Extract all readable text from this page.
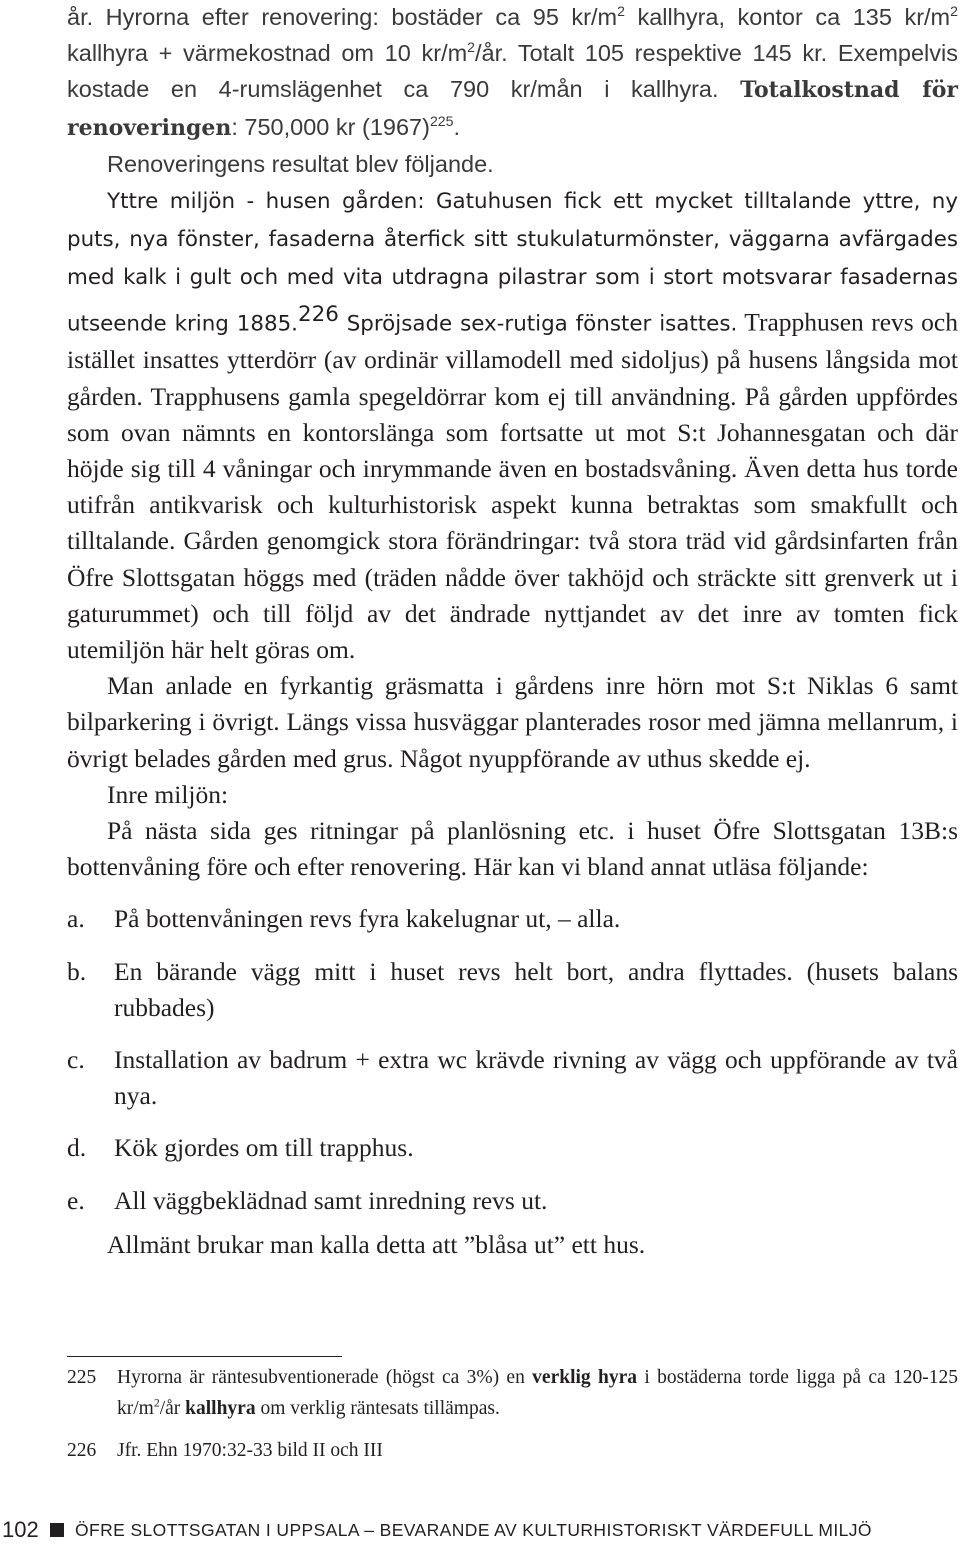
år. Hyrorna efter renovering: bostäder ca 95 $kr/m^2$ kallhyra, kontor ca 135 $kr/m^2$ kallhyra + värmekostnad om 10 $kr/m^2/år$. Totalt 105 respektive 145 kr. Exempelvis kostade en 4-rumslägenhet ca 790 kr/mån i kallhyra. Totalkostnad för renoveringen: 750,000 kr $(1967)^{225}$.
Renoveringens resultat blev följande.

Yttre miljön - husen gården: Gatuhusen fick ett mycket tilltalande yttre, ny puts, nya fönster, fasaderna återfick sitt stukulaturmönster, väggarna avfärgades med kalk i gult och med vita utdragna pilastrar som i stort motsvarar fasadernas utseende kring 1885.$^{226}$ Spröjsade sex-rutiga fönster isattes. Trapphusen revs och istället insattes ytterdörr (av ordinär villamodell med sidoljus) på husens långsida mot gården. Trapphusens gamla spegeldörrar kom ej till användning. På gården uppfördes som ovan nämnts en kontorslänga som fortsatte ut mot S:t Johannesgatan och där höjde sig till 4 våningar och inrymmande även en bostadsvåning. Även detta hus torde utifrån antikvarisk och kulturhistorisk aspekt kunna betraktas som smakfullt och tilltalande. Gården genomgick stora förändringar: två stora träd vid gårdsinfarten från Öfre Slottsgatan höggs med (träden nådde över takhöjd och sträckte sitt grenverk ut i gaturummet) och till följd av det ändrade nyttjandet av det inre av tomten fick utemiljön här helt göras om.

Man anlade en fyrkantig gräsmatta i gårdens inre hörn mot S:t Niklas 6 samt bilparkering i övrigt. Längs vissa husväggar planterades rosor med jämna mellanrum, i övrigt belades gården med grus. Något nyuppförande av uthus skedde ej.

Inre miljön:

På nästa sida ges ritningar på planlösning etc. i huset Öfre Slottsgatan 13B:s bottenvåning före och efter renovering. Här kan vi bland annat utläsa följande:

a.	På bottenvåningen revs fyra kakelugnar ut, – alla.
b.	En bärande vägg mitt i huset revs helt bort, andra flyttades. (husets balans rubbades)
c.	Installation av badrum + extra wc krävde rivning av vägg och uppförande av två nya.
d.	Kök gjordes om till trapphus.
e.	All väggbeklädnad samt inredning revs ut.

Allmänt brukar man kalla detta att ”blåsa ut” ett hus.

225	Hyrorna är räntesubventionerade (högst ca 3%) en verklig hyra i bostäderna torde ligga på ca 120-125 $kr/m^2/år$ kallhyra om verklig räntesats tillämpas.
226	Jfr. Ehn 1970:32-33 bild II och III
102	ÖFRE SLOTTSGATAN I UPPSALA – BEVARANDE AV KULTURHISTORISKT VÄRDEFULL MILJÖ
